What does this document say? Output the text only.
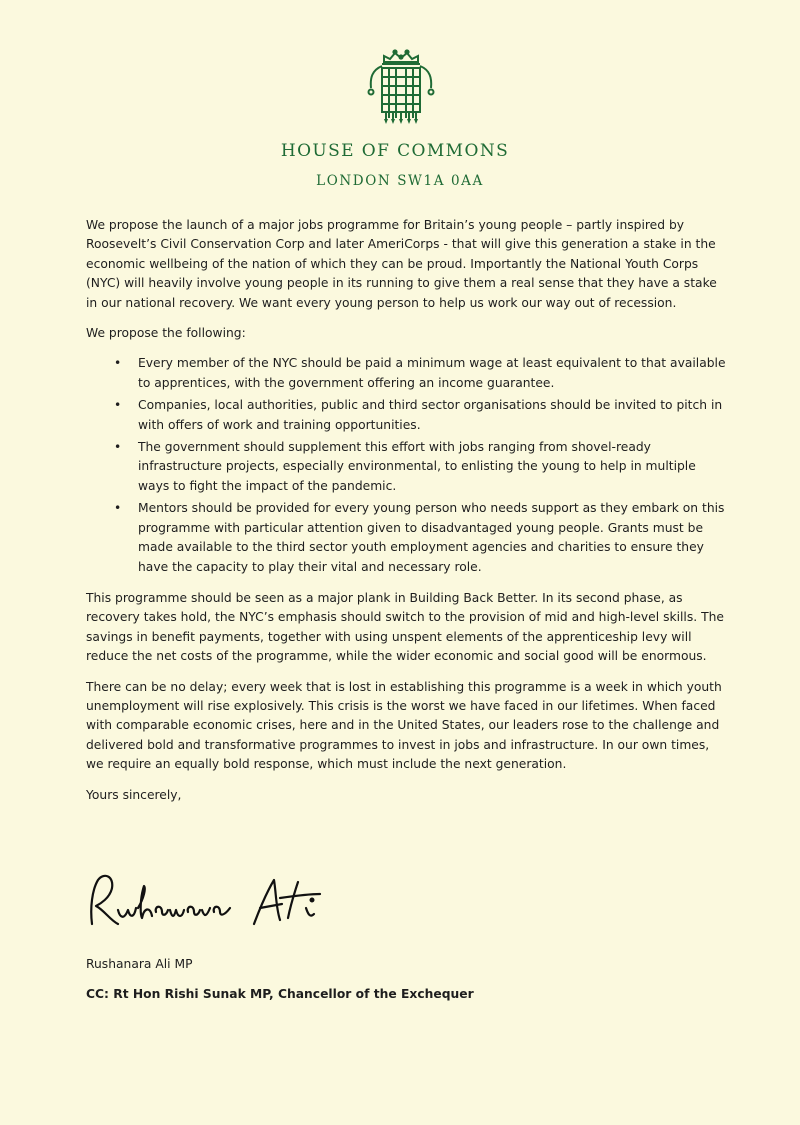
HOUSE OF COMMONS
LONDON SW1A 0AA

We propose the launch of a major jobs programme for Britain’s young people – partly inspired by Roosevelt’s Civil Conservation Corp and later AmeriCorps - that will give this generation a stake in the economic wellbeing of the nation of which they can be proud. Importantly the National Youth Corps (NYC) will heavily involve young people in its running to give them a real sense that they have a stake in our national recovery. We want every young person to help us work our way out of recession.

We propose the following:

• Every member of the NYC should be paid a minimum wage at least equivalent to that available to apprentices, with the government offering an income guarantee.
• Companies, local authorities, public and third sector organisations should be invited to pitch in with offers of work and training opportunities.
• The government should supplement this effort with jobs ranging from shovel-ready infrastructure projects, especially environmental, to enlisting the young to help in multiple ways to fight the impact of the pandemic.
• Mentors should be provided for every young person who needs support as they embark on this programme with particular attention given to disadvantaged young people. Grants must be made available to the third sector youth employment agencies and charities to ensure they have the capacity to play their vital and necessary role.

This programme should be seen as a major plank in Building Back Better. In its second phase, as recovery takes hold, the NYC’s emphasis should switch to the provision of mid and high-level skills. The savings in benefit payments, together with using unspent elements of the apprenticeship levy will reduce the net costs of the programme, while the wider economic and social good will be enormous.

There can be no delay; every week that is lost in establishing this programme is a week in which youth unemployment will rise explosively. This crisis is the worst we have faced in our lifetimes. When faced with comparable economic crises, here and in the United States, our leaders rose to the challenge and delivered bold and transformative programmes to invest in jobs and infrastructure. In our own times, we require an equally bold response, which must include the next generation.

Yours sincerely,

Rushanara Ali MP
CC: Rt Hon Rishi Sunak MP, Chancellor of the Exchequer
